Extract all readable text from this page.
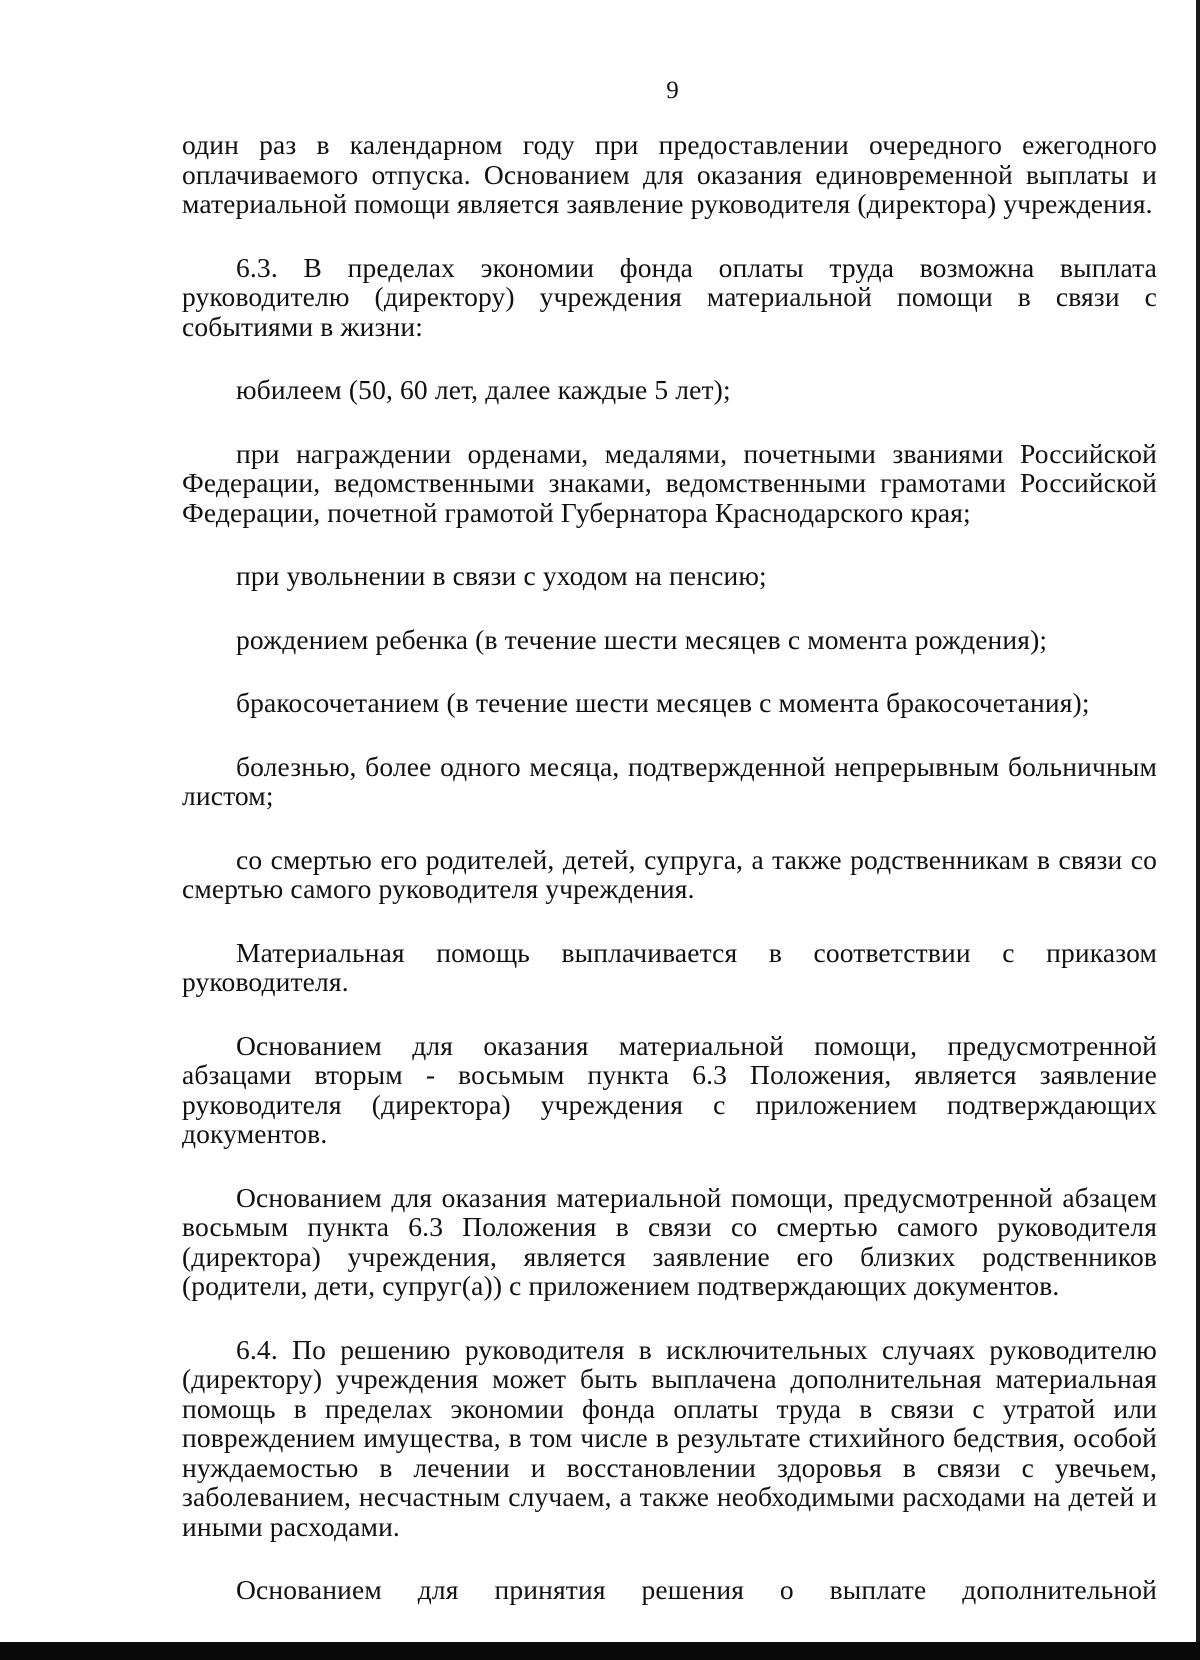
9

один раз в календарном году при предоставлении очередного ежегодного оплачиваемого отпуска. Основанием для оказания единовременной выплаты и материальной помощи является заявление руководителя (директора) учреждения.

6.3. В пределах экономии фонда оплаты труда возможна выплата руководителю (директору) учреждения материальной помощи в связи с событиями в жизни:

юбилеем (50, 60 лет, далее каждые 5 лет);

при награждении орденами, медалями, почетными званиями Российской Федерации, ведомственными знаками, ведомственными грамотами Российской Федерации, почетной грамотой Губернатора Краснодарского края;

при увольнении в связи с уходом на пенсию;

рождением ребенка (в течение шести месяцев с момента рождения);

бракосочетанием (в течение шести месяцев с момента бракосочетания);

болезнью, более одного месяца, подтвержденной непрерывным больничным листом;

со смертью его родителей, детей, супруга, а также родственникам в связи со смертью самого руководителя учреждения.

Материальная помощь выплачивается в соответствии с приказом руководителя.

Основанием для оказания материальной помощи, предусмотренной абзацами вторым - восьмым пункта 6.3 Положения, является заявление руководителя (директора) учреждения с приложением подтверждающих документов.

Основанием для оказания материальной помощи, предусмотренной абзацем восьмым пункта 6.3 Положения в связи со смертью самого руководителя (директора) учреждения, является заявление его близких родственников (родители, дети, супруг(а)) с приложением подтверждающих документов.

6.4. По решению руководителя в исключительных случаях руководителю (директору) учреждения может быть выплачена дополнительная материальная помощь в пределах экономии фонда оплаты труда в связи с утратой или повреждением имущества, в том числе в результате стихийного бедствия, особой нуждаемостью в лечении и восстановлении здоровья в связи с увечьем, заболеванием, несчастным случаем, а также необходимыми расходами на детей и иными расходами.

Основанием для принятия решения о выплате дополнительной
